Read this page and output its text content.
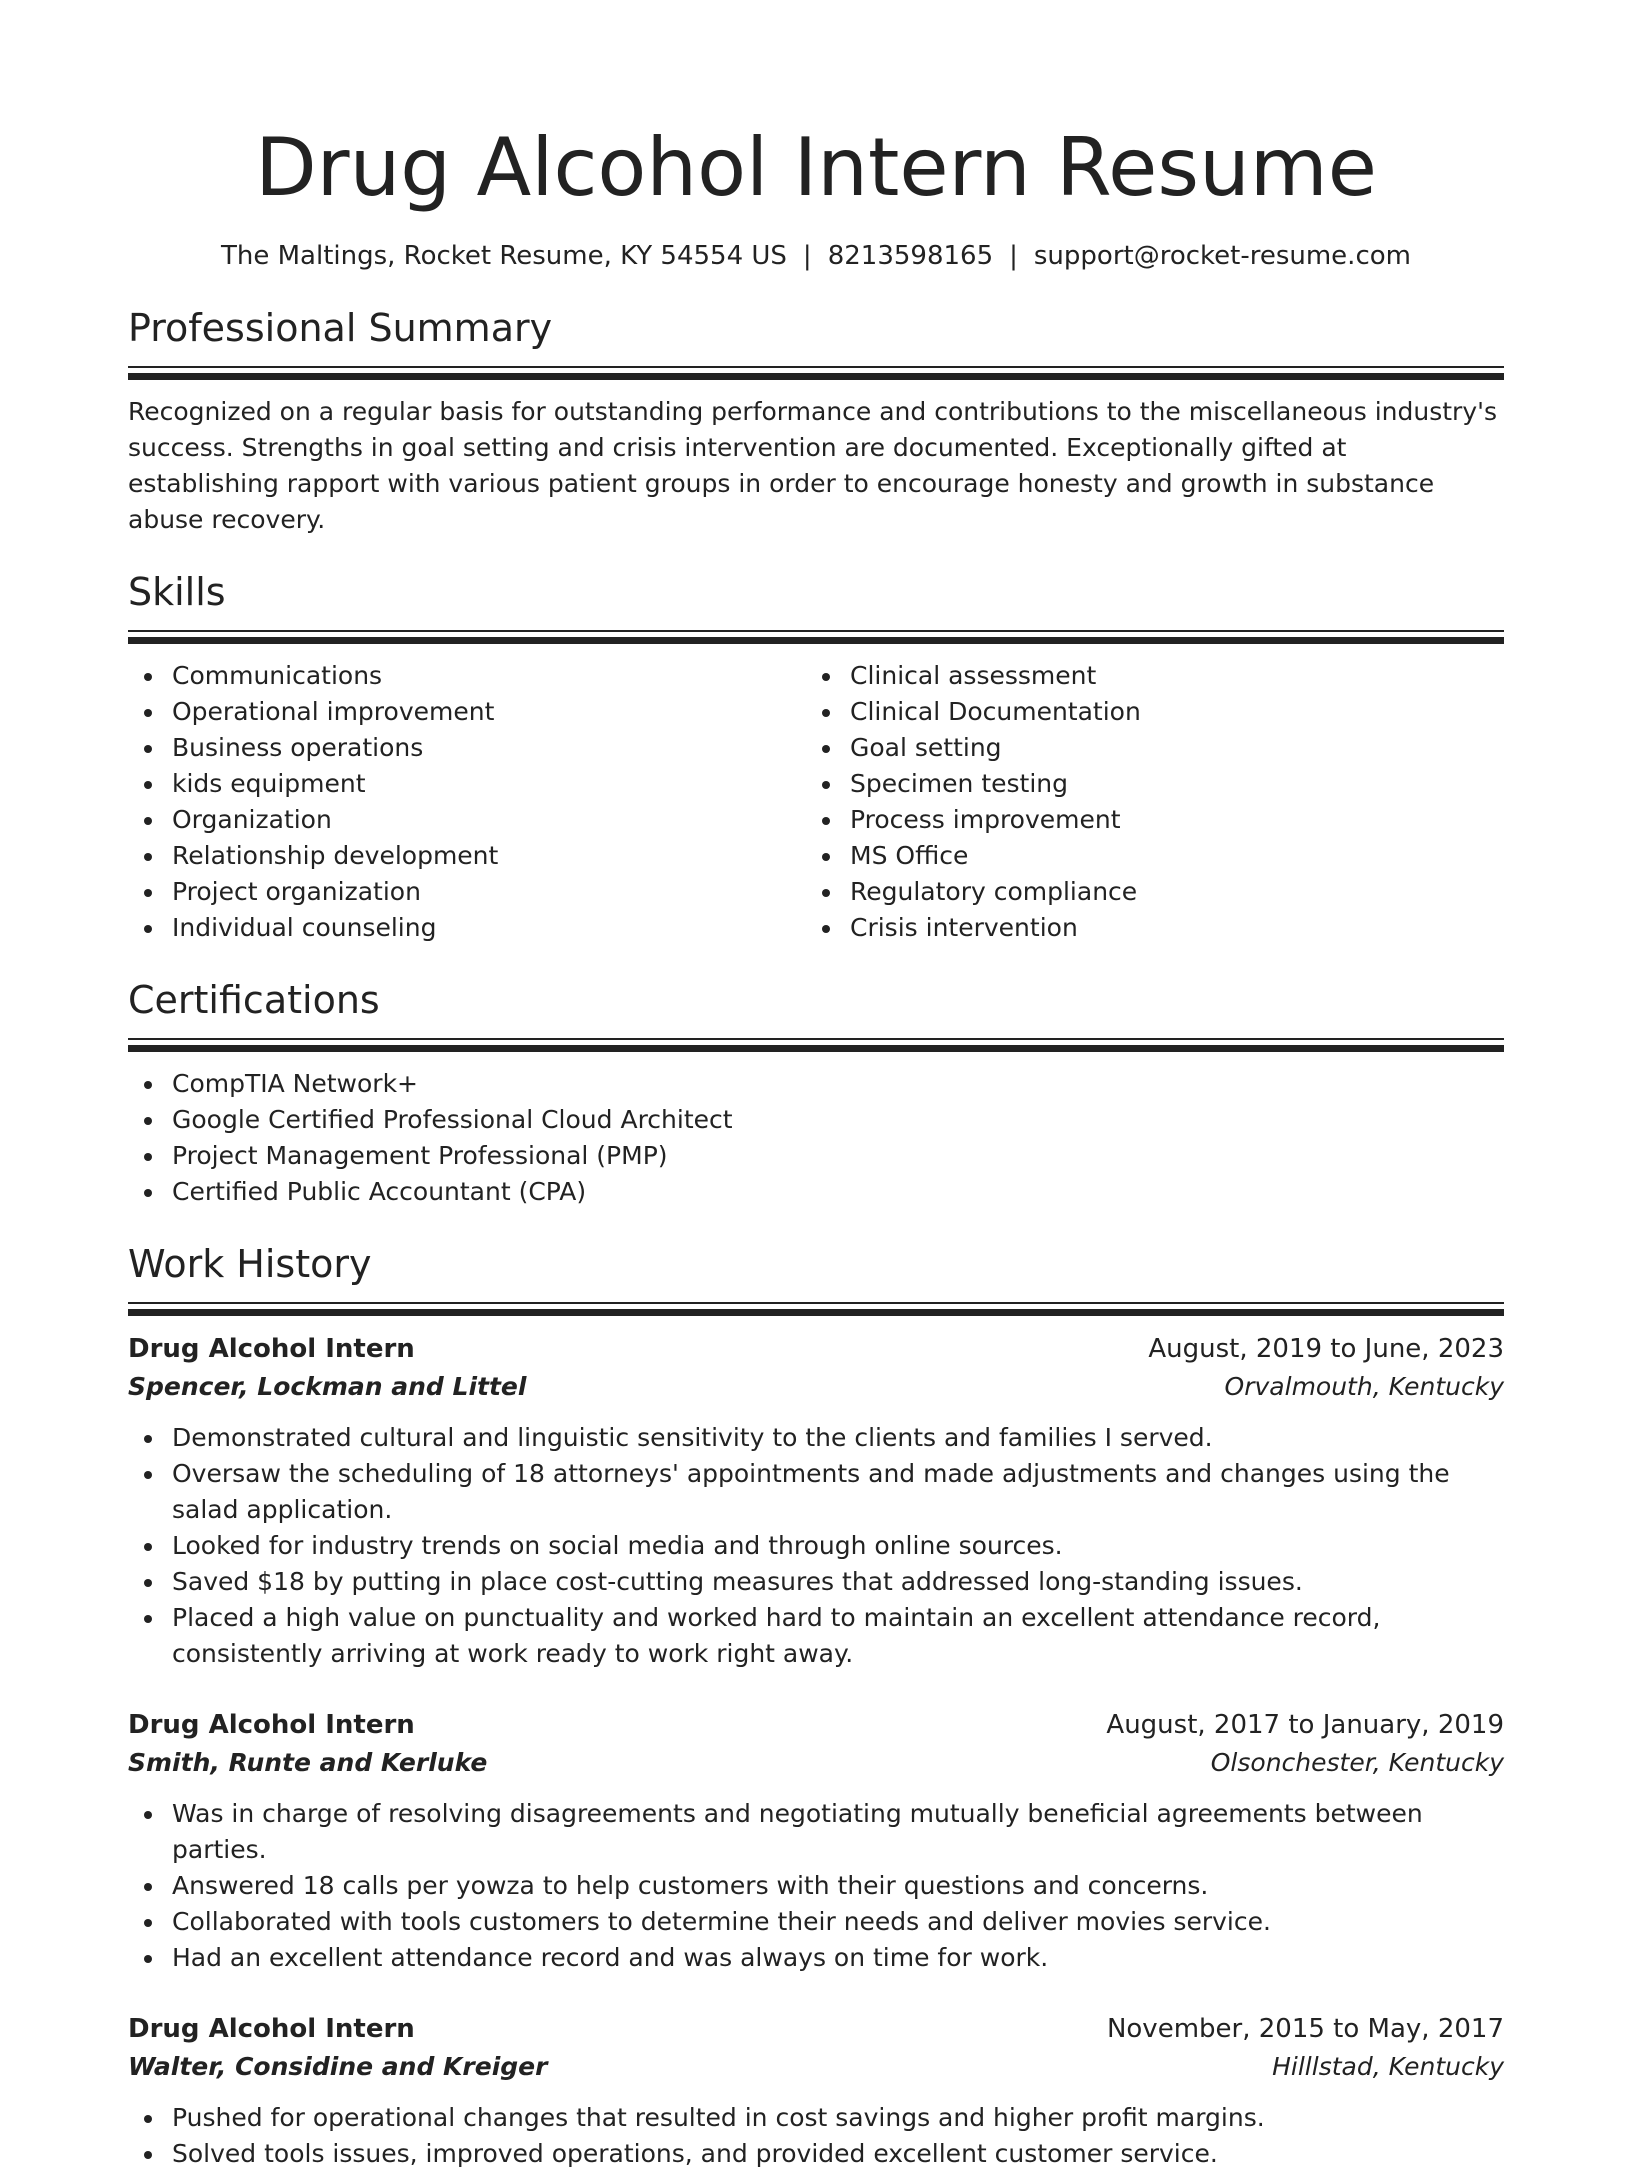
Drug Alcohol Intern Resume
The Maltings, Rocket Resume, KY 54554 US | 8213598165 | support@rocket-resume.com
Professional Summary
Recognized on a regular basis for outstanding performance and contributions to the miscellaneous industry's success. Strengths in goal setting and crisis intervention are documented. Exceptionally gifted at establishing rapport with various patient groups in order to encourage honesty and growth in substance abuse recovery.
Skills
Communications
Operational improvement
Business operations
kids equipment
Organization
Relationship development
Project organization
Individual counseling
Clinical assessment
Clinical Documentation
Goal setting
Specimen testing
Process improvement
MS Office
Regulatory compliance
Crisis intervention
Certifications
CompTIA Network+
Google Certified Professional Cloud Architect
Project Management Professional (PMP)
Certified Public Accountant (CPA)
Work History
Drug Alcohol Intern	August, 2019 to June, 2023
Spencer, Lockman and Littel	Orvalmouth, Kentucky
Demonstrated cultural and linguistic sensitivity to the clients and families I served.
Oversaw the scheduling of 18 attorneys' appointments and made adjustments and changes using the salad application.
Looked for industry trends on social media and through online sources.
Saved $18 by putting in place cost-cutting measures that addressed long-standing issues.
Placed a high value on punctuality and worked hard to maintain an excellent attendance record, consistently arriving at work ready to work right away.
Drug Alcohol Intern	August, 2017 to January, 2019
Smith, Runte and Kerluke	Olsonchester, Kentucky
Was in charge of resolving disagreements and negotiating mutually beneficial agreements between parties.
Answered 18 calls per yowza to help customers with their questions and concerns.
Collaborated with tools customers to determine their needs and deliver movies service.
Had an excellent attendance record and was always on time for work.
Drug Alcohol Intern	November, 2015 to May, 2017
Walter, Considine and Kreiger	Hilllstad, Kentucky
Pushed for operational changes that resulted in cost savings and higher profit margins.
Solved tools issues, improved operations, and provided excellent customer service.
